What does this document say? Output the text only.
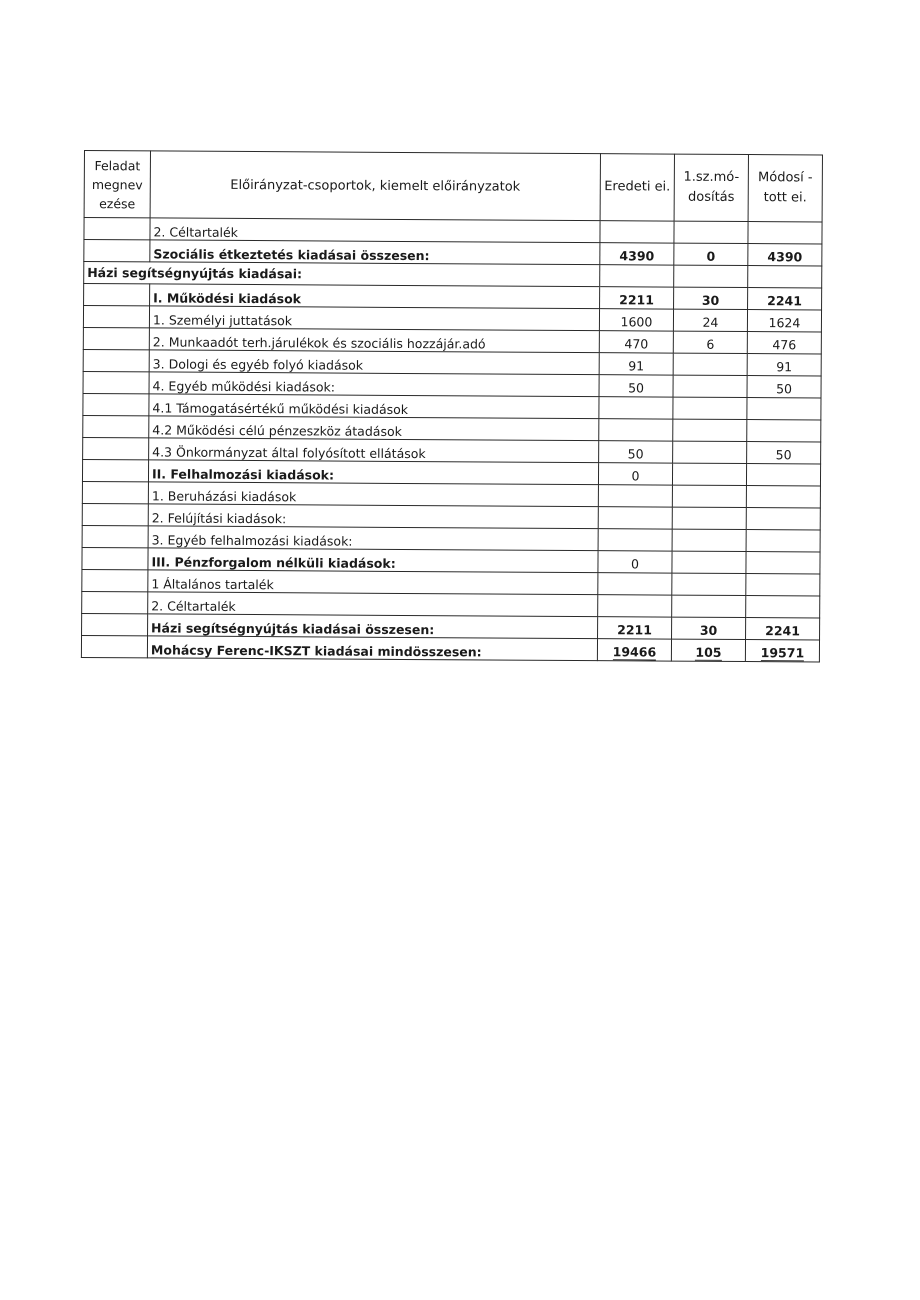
Feladat megnev ezése	Előirányzat-csoportok, kiemelt előirányzatok	Eredeti ei.	1.sz.mó-dosítás	Módosí - tott ei.
	2. Céltartalék			
	Szociális étkeztetés kiadásai összesen:	4390	0	4390
Házi segítségnyújtás kiadásai:				
	I. Működési kiadások	2211	30	2241
	1. Személyi juttatások	1600	24	1624
	2. Munkaadót terh.járulékok és szociális hozzájár.adó	470	6	476
	3. Dologi és egyéb folyó kiadások	91		91
	4. Egyéb működési kiadások:	50		50
	4.1 Támogatásértékű működési kiadások			
	4.2 Működési célú pénzeszköz átadások			
	4.3 Önkormányzat által folyósított ellátások	50		50
	II. Felhalmozási kiadások:	0		
	1. Beruházási kiadások			
	2. Felújítási kiadások:			
	3. Egyéb felhalmozási kiadások:			
	III. Pénzforgalom nélküli kiadások:	0		
	1 Általános tartalék			
	2. Céltartalék			
	Házi segítségnyújtás kiadásai összesen:	2211	30	2241
	Mohácsy Ferenc-IKSZT kiadásai mindösszesen:	19466	105	19571
